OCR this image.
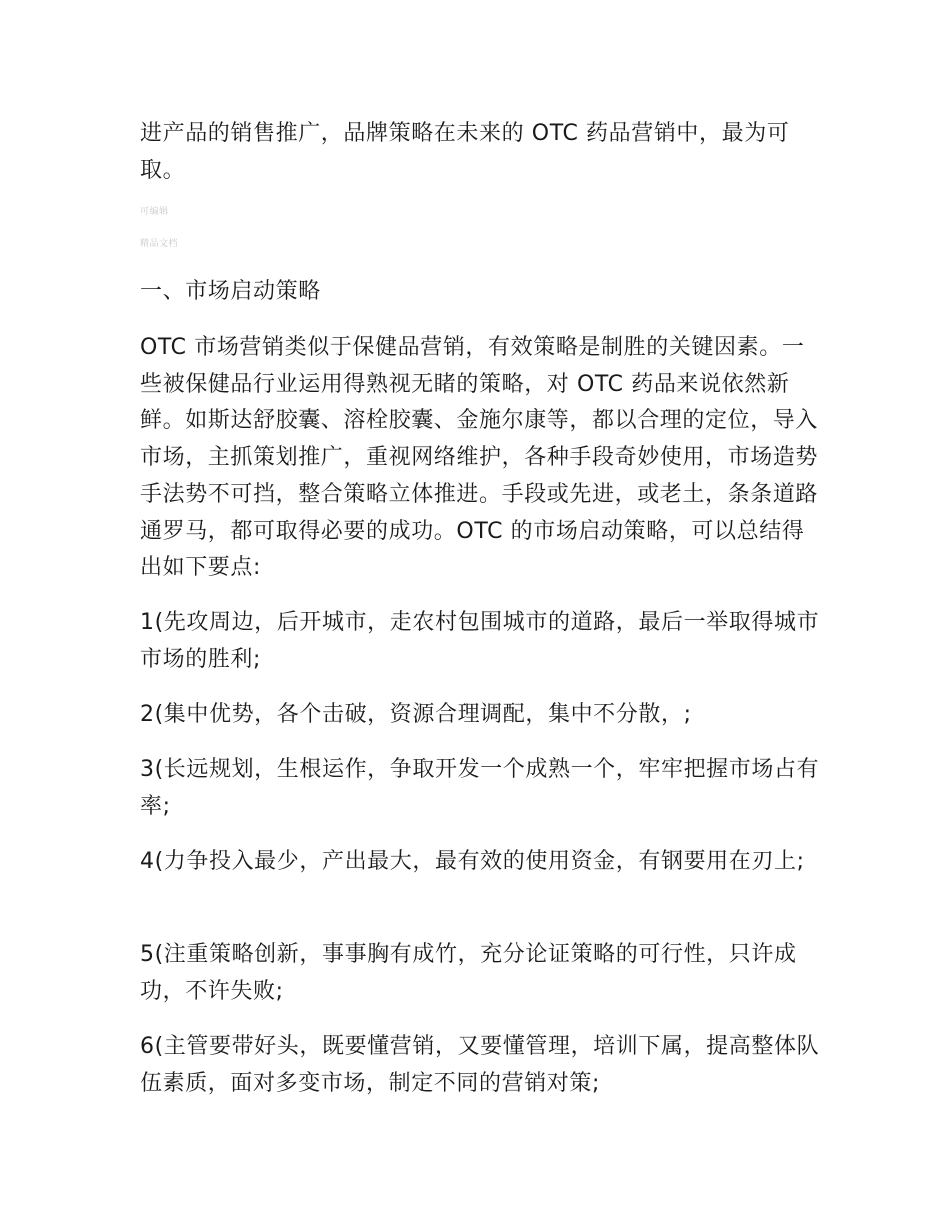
进产品的销售推广，品牌策略在未来的 OTC 药品营销中，最为可取。

可编辑

精品文档

一、市场启动策略

OTC 市场营销类似于保健品营销，有效策略是制胜的关键因素。一些被保健品行业运用得熟视无睹的策略，对 OTC 药品来说依然新鲜。如斯达舒胶囊、溶栓胶囊、金施尔康等，都以合理的定位，导入市场，主抓策划推广，重视网络维护，各种手段奇妙使用，市场造势手法势不可挡，整合策略立体推进。手段或先进，或老土，条条道路通罗马，都可取得必要的成功。OTC 的市场启动策略，可以总结得出如下要点:

1(先攻周边，后开城市，走农村包围城市的道路，最后一举取得城市市场的胜利;

2(集中优势，各个击破，资源合理调配，集中不分散，;

3(长远规划，生根运作，争取开发一个成熟一个，牢牢把握市场占有率;

4(力争投入最少，产出最大，最有效的使用资金，有钢要用在刃上;

5(注重策略创新，事事胸有成竹，充分论证策略的可行性，只许成功，不许失败;

6(主管要带好头，既要懂营销，又要懂管理，培训下属，提高整体队伍素质，面对多变市场，制定不同的营销对策;
